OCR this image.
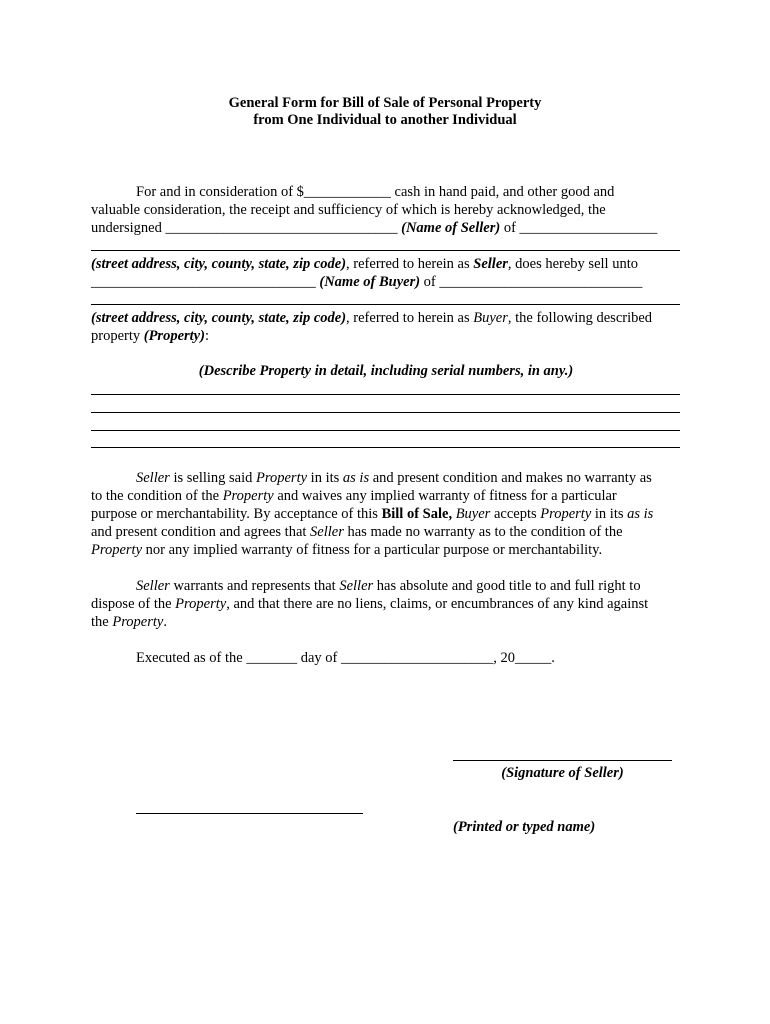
General Form for Bill of Sale of Personal Property
from One Individual to another Individual
For and in consideration of $____________ cash in hand paid, and other good and
valuable consideration, the receipt and sufficiency of which is hereby acknowledged, the
undersigned ________________________________ (Name of Seller) of ___________________
(street address, city, county, state, zip code), referred to herein as Seller, does hereby sell unto
_______________________________ (Name of Buyer) of ____________________________
(street address, city, county, state, zip code), referred to herein as Buyer, the following described
property (Property):
(Describe Property in detail, including serial numbers, in any.)
Seller is selling said Property in its as is and present condition and makes no warranty as
to the condition of the Property and waives any implied warranty of fitness for a particular
purpose or merchantability. By acceptance of this Bill of Sale, Buyer accepts Property in its as is
and present condition and agrees that Seller has made no warranty as to the condition of the
Property nor any implied warranty of fitness for a particular purpose or merchantability.
Seller warrants and represents that Seller has absolute and good title to and full right to
dispose of the Property, and that there are no liens, claims, or encumbrances of any kind against
the Property.
Executed as of the _______ day of _____________________, 20_____.
(Signature of Seller)
(Printed or typed name)
